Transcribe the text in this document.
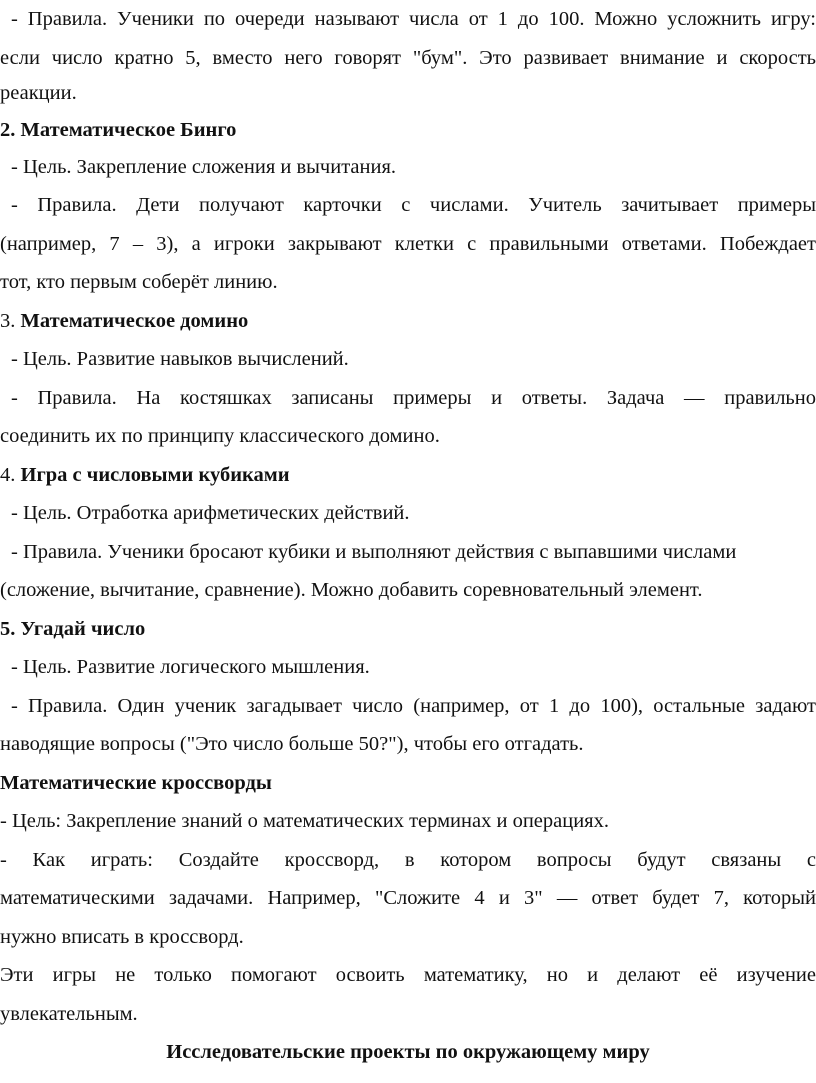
- Правила. Ученики по очереди называют числа от 1 до 100. Можно усложнить игру:
если число кратно 5, вместо него говорят "бум". Это развивает внимание и скорость
реакции.
2. Математическое Бинго
- Цель. Закрепление сложения и вычитания.
- Правила. Дети получают карточки с числами. Учитель зачитывает примеры
(например, 7 – 3), а игроки закрывают клетки с правильными ответами. Побеждает
тот, кто первым соберёт линию.
3. Математическое домино
- Цель. Развитие навыков вычислений.
- Правила. На костяшках записаны примеры и ответы. Задача — правильно
соединить их по принципу классического домино.
4. Игра с числовыми кубиками
- Цель. Отработка арифметических действий.
- Правила. Ученики бросают кубики и выполняют действия с выпавшими числами
(сложение, вычитание, сравнение). Можно добавить соревновательный элемент.
5. Угадай число
- Цель. Развитие логического мышления.
- Правила. Один ученик загадывает число (например, от 1 до 100), остальные задают
наводящие вопросы ("Это число больше 50?"), чтобы его отгадать.
Математические кроссворды
- Цель: Закрепление знаний о математических терминах и операциях.
- Как играть: Создайте кроссворд, в котором вопросы будут связаны с
математическими задачами. Например, "Сложите 4 и 3" — ответ будет 7, который
нужно вписать в кроссворд.
Эти игры не только помогают освоить математику, но и делают её изучение
увлекательным.
Исследовательские проекты по окружающему миру
